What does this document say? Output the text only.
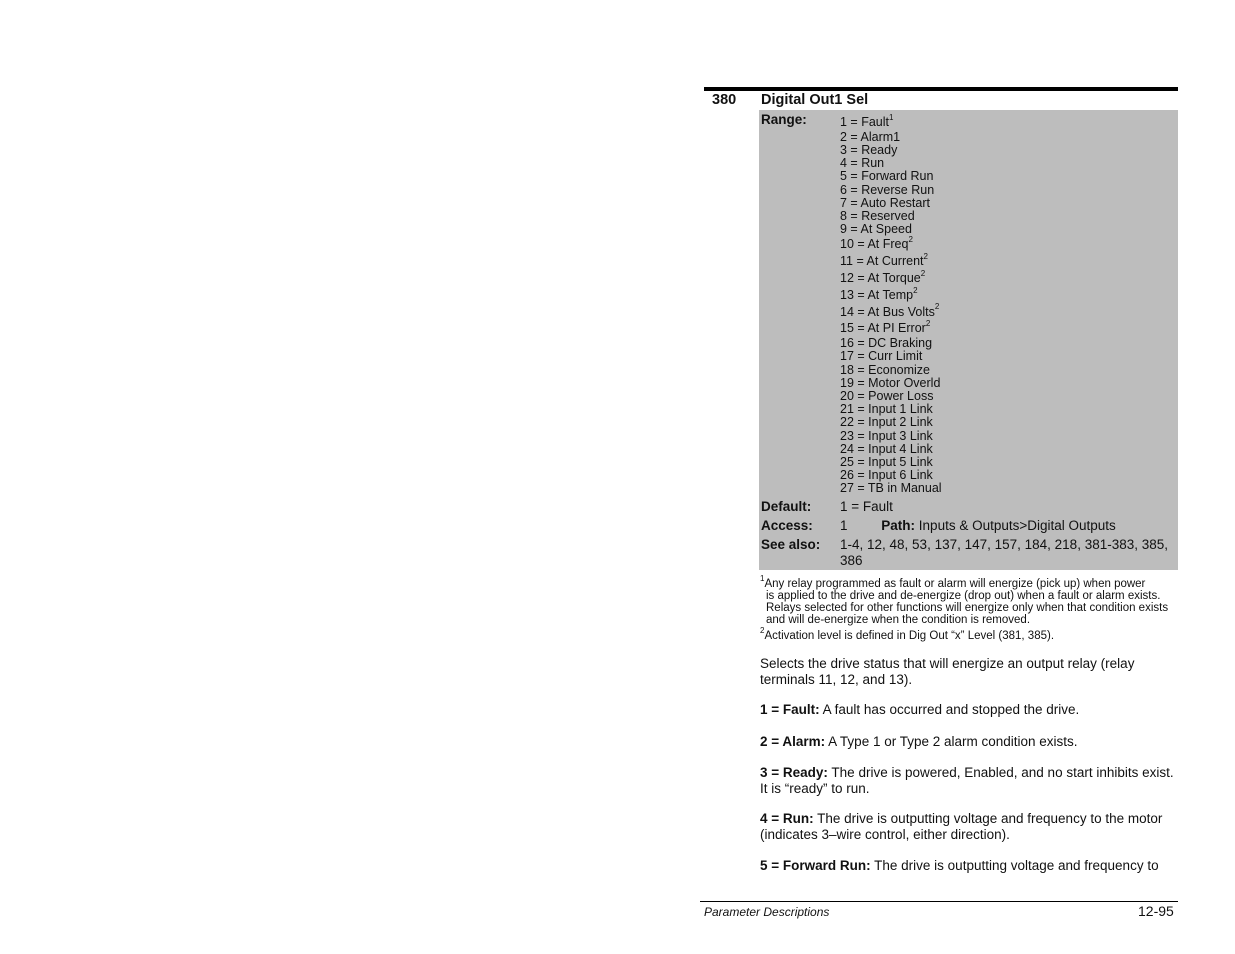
380 Digital Out1 Sel
Range:	1 = Fault$^1$
2 = Alarm1
3 = Ready
4 = Run
5 = Forward Run
6 = Reverse Run
7 = Auto Restart
8 = Reserved
9 = At Speed
10 = At Freq$^2$
11 = At Current$^2$
12 = At Torque$^2$
13 = At Temp$^2$
14 = At Bus Volts$^2$
15 = At PI Error$^2$
16 = DC Braking
17 = Curr Limit
18 = Economize
19 = Motor Overld
20 = Power Loss
21 = Input 1 Link
22 = Input 2 Link
23 = Input 3 Link
24 = Input 4 Link
25 = Input 5 Link
26 = Input 6 Link
27 = TB in Manual
Default: 1 = Fault
Access: 1	Path: Inputs & Outputs>Digital Outputs
See also: 1-4, 12, 48, 53, 137, 147, 157, 184, 218, 381-383, 385, 386
$^1$Any relay programmed as fault or alarm will energize (pick up) when power
is applied to the drive and de-energize (drop out) when a fault or alarm exists. Relays selected for other functions will energize only when that condition exists and will de-energize when the condition is removed.
$^2$Activation level is defined in Dig Out “x” Level (381, 385).
Selects the drive status that will energize an output relay (relay terminals 11, 12, and 13).
1 = Fault: A fault has occurred and stopped the drive.
2 = Alarm: A Type 1 or Type 2 alarm condition exists.
3 = Ready: The drive is powered, Enabled, and no start inhibits exist. It is “ready” to run.
4 = Run: The drive is outputting voltage and frequency to the motor (indicates 3–wire control, either direction).
5 = Forward Run: The drive is outputting voltage and frequency to
Parameter Descriptions	12-95
